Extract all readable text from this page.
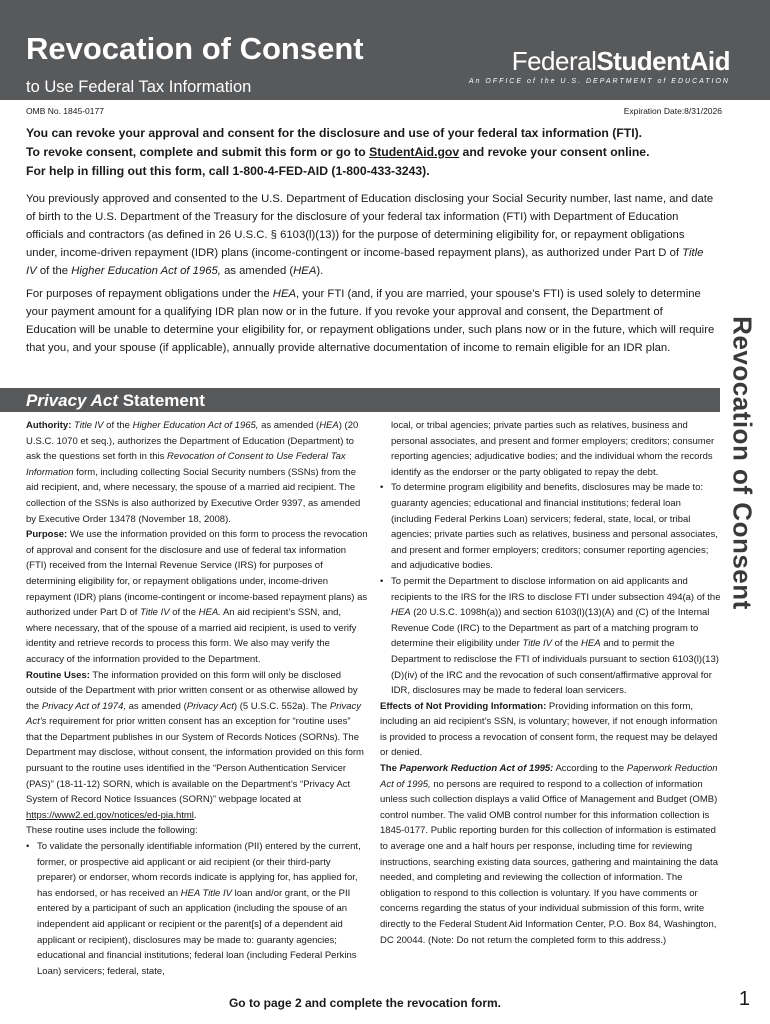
Revocation of Consent
to Use Federal Tax Information
FederalStudentAid
An OFFICE of the U.S. DEPARTMENT of EDUCATION
OMB No. 1845-0177	Expiration Date:8/31/2026
You can revoke your approval and consent for the disclosure and use of your federal tax information (FTI).
To revoke consent, complete and submit this form or go to StudentAid.gov and revoke your consent online.
For help in filling out this form, call 1-800-4-FED-AID (1-800-433-3243).
You previously approved and consented to the U.S. Department of Education disclosing your Social Security number, last name, and date of birth to the U.S. Department of the Treasury for the disclosure of your federal tax information (FTI) with Department of Education officials and contractors (as defined in 26 U.S.C. § 6103(l)(13)) for the purpose of determining eligibility for, or repayment obligations under, income-driven repayment (IDR) plans (income-contingent or income-based repayment plans), as authorized under Part D of Title IV of the Higher Education Act of 1965, as amended (HEA).
For purposes of repayment obligations under the HEA, your FTI (and, if you are married, your spouse’s FTI) is used solely to determine your payment amount for a qualifying IDR plan now or in the future. If you revoke your approval and consent, the Department of Education will be unable to determine your eligibility for, or repayment obligations under, such plans now or in the future, which will require that you, and your spouse (if applicable), annually provide alternative documentation of income to remain eligible for an IDR plan.	Revocation of Consent
Privacy Act Statement

Authority: Title IV of the Higher Education Act of 1965, as amended (HEA) (20 U.S.C. 1070 et seq.), authorizes the Department of Education (Department) to ask the questions set forth in this Revocation of Consent to Use Federal Tax Information form, including collecting Social Security numbers (SSNs) from the aid recipient, and, where necessary, the spouse of a married aid recipient. The collection of the SSNs is also authorized by Executive Order 9397, as amended by Executive Order 13478 (November 18, 2008).

Purpose: We use the information provided on this form to process the revocation of approval and consent for the disclosure and use of federal tax information (FTI) received from the Internal Revenue Service (IRS) for purposes of determining eligibility for, or repayment obligations under, income-driven repayment (IDR) plans (income-contingent or income-based repayment plans) as authorized under Part D of Title IV of the HEA. An aid recipient’s SSN, and, where necessary, that of the spouse of a married aid recipient, is used to verify identity and retrieve records to process this form. We also may verify the accuracy of the information provided to the Department.

Routine Uses: The information provided on this form will only be disclosed outside of the Department with prior written consent or as otherwise allowed by the Privacy Act of 1974, as amended (Privacy Act) (5 U.S.C. 552a). The Privacy Act’s requirement for prior written consent has an exception for “routine uses” that the Department publishes in our System of Records Notices (SORNs). The Department may disclose, without consent, the information provided on this form pursuant to the routine uses identified in the “Person Authentication Servicer (PAS)” (18-11-12) SORN, which is available on the Department’s “Privacy Act System of Record Notice Issuances (SORN)” webpage located at https://www2.ed.gov/notices/ed-pia.html.

These routine uses include the following:

• To validate the personally identifiable information (PII) entered by the current, former, or prospective aid applicant or aid recipient (or their third-party preparer) or endorser, whom records indicate is applying for, has applied for, has endorsed, or has received an HEA Title IV loan and/or grant, or the PII entered by a participant of such an application (including the spouse of an independent aid applicant or recipient or the parent[s] of a dependent aid applicant or recipient), disclosures may be made to: guaranty agencies; educational and financial institutions; federal loan (including Federal Perkins Loan) servicers; federal, state,

local, or tribal agencies; private parties such as relatives, business and personal associates, and present and former employers; creditors; consumer reporting agencies; adjudicative bodies; and the individual whom the records identify as the endorser or the party obligated to repay the debt.

• To determine program eligibility and benefits, disclosures may be made to: guaranty agencies; educational and financial institutions; federal loan (including Federal Perkins Loan) servicers; federal, state, local, or tribal agencies; private parties such as relatives, business and personal associates, and present and former employers; creditors; consumer reporting agencies; and adjudicative bodies.
• To permit the Department to disclose information on aid applicants and recipients to the IRS for the IRS to disclose FTI under subsection 494(a) of the HEA (20 U.S.C. 1098h(a)) and section 6103(l)(13)(A) and (C) of the Internal Revenue Code (IRC) to the Department as part of a matching program to determine their eligibility under Title IV of the HEA and to permit the Department to redisclose the FTI of individuals pursuant to section 6103(l)(13)(D)(iv) of the IRC and the revocation of such consent/affirmative approval for IDR, disclosures may be made to federal loan servicers.

Effects of Not Providing Information: Providing information on this form, including an aid recipient’s SSN, is voluntary; however, if not enough information is provided to process a revocation of consent form, the request may be delayed or denied.

The Paperwork Reduction Act of 1995: According to the Paperwork Reduction Act of 1995, no persons are required to respond to a collection of information unless such collection displays a valid Office of Management and Budget (OMB) control number. The valid OMB control number for this information collection is 1845-0177. Public reporting burden for this collection of information is estimated to average one and a half hours per response, including time for reviewing instructions, searching existing data sources, gathering and maintaining the data needed, and completing and reviewing the collection of information. The obligation to respond to this collection is voluntary. If you have comments or concerns regarding the status of your individual submission of this form, write directly to the Federal Student Aid Information Center, P.O. Box 84, Washington, DC 20044. (Note: Do not return the completed form to this address.)

Go to page 2 and complete the revocation form.	1
